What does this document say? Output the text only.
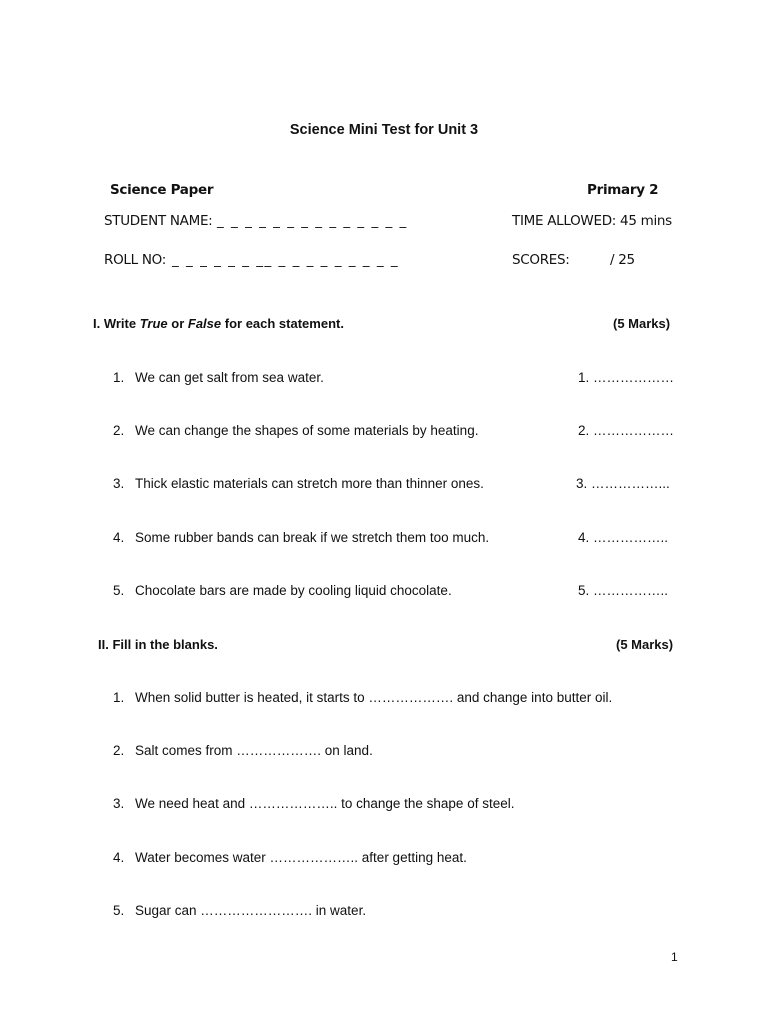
Science Mini Test for Unit 3
Science Paper	Primary 2
STUDENT NAME: _ _ _ _ _ _ _ _ _ _ _ _ _ _	TIME ALLOWED: 45 mins
ROLL NO: _ _ _ _ _ _ __ _ _ _ _ _ _ _ _ _	SCORES:	/ 25
I. Write True or False for each statement.	(5 Marks)
1. We can get salt from sea water.	1. ………………
2. We can change the shapes of some materials by heating.	2. ………………
3. Thick elastic materials can stretch more than thinner ones.	3. ……………...
4. Some rubber bands can break if we stretch them too much.	4. ……………..
5. Chocolate bars are made by cooling liquid chocolate.	5. ……………..
II. Fill in the blanks.	(5 Marks)
1. When solid butter is heated, it starts to ………………. and change into butter oil.
2. Salt comes from ………………. on land.
3. We need heat and ……………….. to change the shape of steel.
4. Water becomes water ……………….. after getting heat.
5. Sugar can ……………………. in water.
1
